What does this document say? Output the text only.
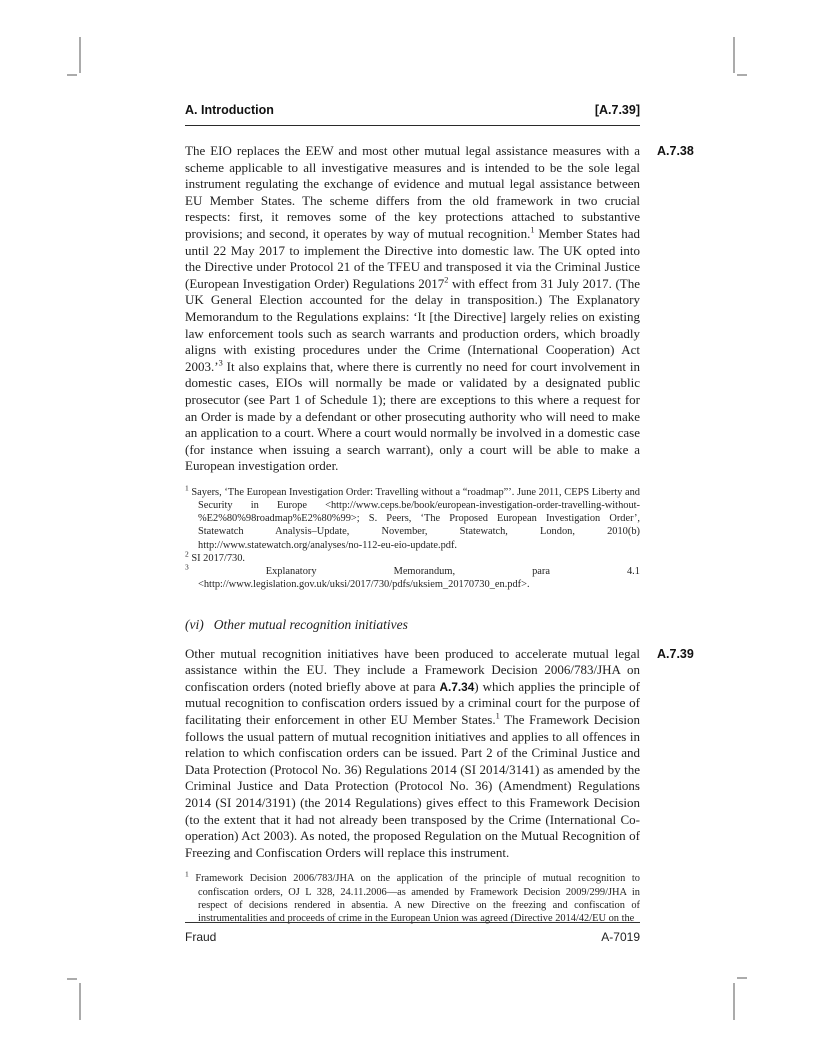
A. Introduction	[A.7.39]

The EIO replaces the EEW and most other mutual legal assistance measures with a scheme applicable to all investigative measures and is intended to be the sole legal instrument regulating the exchange of evidence and mutual legal assistance between EU Member States. The scheme differs from the old framework in two crucial respects: first, it removes some of the key protections attached to substantive provisions; and second, it operates by way of mutual recognition.$^1$ Member States had until 22 May 2017 to implement the Directive into domestic law. The UK opted into the Directive under Protocol 21 of the TFEU and transposed it via the Criminal Justice (European Investigation Order) Regulations 2017$^2$ with effect from 31 July 2017. (The UK General Election accounted for the delay in transposition.) The Explanatory Memorandum to the Regulations explains: ‘It [the Directive] largely relies on existing law enforcement tools such as search warrants and production orders, which broadly aligns with existing procedures under the Crime (International Cooperation) Act 2003.’$^3$ It also explains that, where there is currently no need for court involvement in domestic cases, EIOs will normally be made or validated by a designated public prosecutor (see Part 1 of Schedule 1); there are exceptions to this where a request for an Order is made by a defendant or other prosecuting authority who will need to make an application to a court. Where a court would normally be involved in a domestic case (for instance when issuing a search warrant), only a court will be able to make a European investigation order.

A.7.38
$^1$ Sayers, ‘The European Investigation Order: Travelling without a “roadmap”’. June 2011, CEPS Liberty and Security in Europe <http://www.ceps.be/book/european-investigation-order-travelling-without-%E2%80%98roadmap%E2%80%99>; S. Peers, ‘The Proposed European Investigation Order’, Statewatch Analysis–Update, November, Statewatch, London, 2010(b) http://www.statewatch.org/analyses/no-112-eu-eio-update.pdf.
$^2$ SI 2017/730.
$^3$	Explanatory Memorandum, para 4.1 <http://www.legislation.gov.uk/uksi/2017/730/pdfs/uksiem_20170730_en.pdf>.
(vi) Other mutual recognition initiatives

Other mutual recognition initiatives have been produced to accelerate mutual legal assistance within the EU. They include a Framework Decision 2006/783/JHA on confiscation orders (noted briefly above at para A.7.34) which applies the principle of mutual recognition to confiscation orders issued by a criminal court for the purpose of facilitating their enforcement in other EU Member States.$^1$ The Framework Decision follows the usual pattern of mutual recognition initiatives and applies to all offences in relation to which confiscation orders can be issued. Part 2 of the Criminal Justice and Data Protection (Protocol No. 36) Regulations 2014 (SI 2014/3141) as amended by the Criminal Justice and Data Protection (Protocol No. 36) (Amendment) Regulations 2014 (SI 2014/3191) (the 2014 Regulations) gives effect to this Framework Decision (to the extent that it had not already been transposed by the Crime (International Co-operation) Act 2003). As noted, the proposed Regulation on the Mutual Recognition of Freezing and Confiscation Orders will replace this instrument.

A.7.39
$^1$ Framework Decision 2006/783/JHA on the application of the principle of mutual recognition to confiscation orders, OJ L 328, 24.11.2006—as amended by Framework Decision 2009/299/JHA in respect of decisions rendered in absentia. A new Directive on the freezing and confiscation of instrumentalities and proceeds of crime in the European Union was agreed (Directive 2014/42/EU on the
Fraud	A-7019
